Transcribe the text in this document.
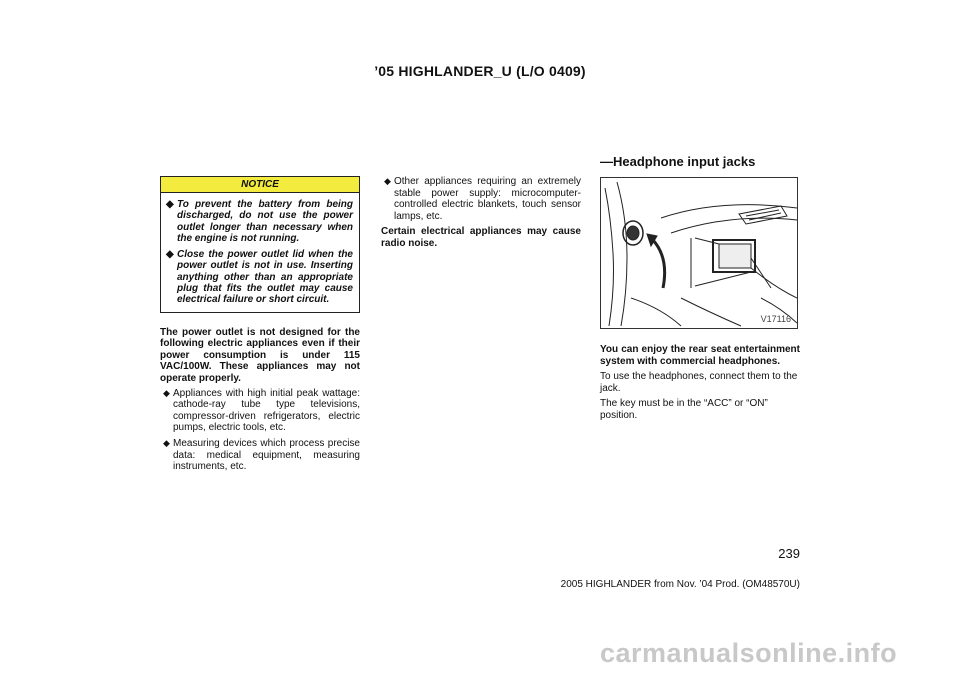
’05 HIGHLANDER_U (L/O 0409)
NOTICE
◆ To prevent the battery from being discharged, do not use the power outlet longer than necessary when the engine is not running.
◆ Close the power outlet lid when the power outlet is not in use. Inserting anything other than an appropriate plug that fits the outlet may cause electrical failure or short circuit.

The power outlet is not designed for the following electric appliances even if their power consumption is under 115 VAC/100W. These appliances may not operate properly.

◆ Appliances with high initial peak wattage: cathode-ray tube type televisions, compressor-driven refrigerators, electric pumps, electric tools, etc.
◆ Measuring devices which process precise data: medical equipment, measuring instruments, etc.
◆ Other appliances requiring an extremely stable power supply: microcomputer-controlled electric blankets, touch sensor lamps, etc.

Certain electrical appliances may cause radio noise.

—Headphone input jacks
V17116

You can enjoy the rear seat entertainment system with commercial headphones.

To use the headphones, connect them to the jack.

The key must be in the “ACC” or “ON” position.

239
2005 HIGHLANDER from Nov. ’04 Prod. (OM48570U)
carmanualsonline.info
